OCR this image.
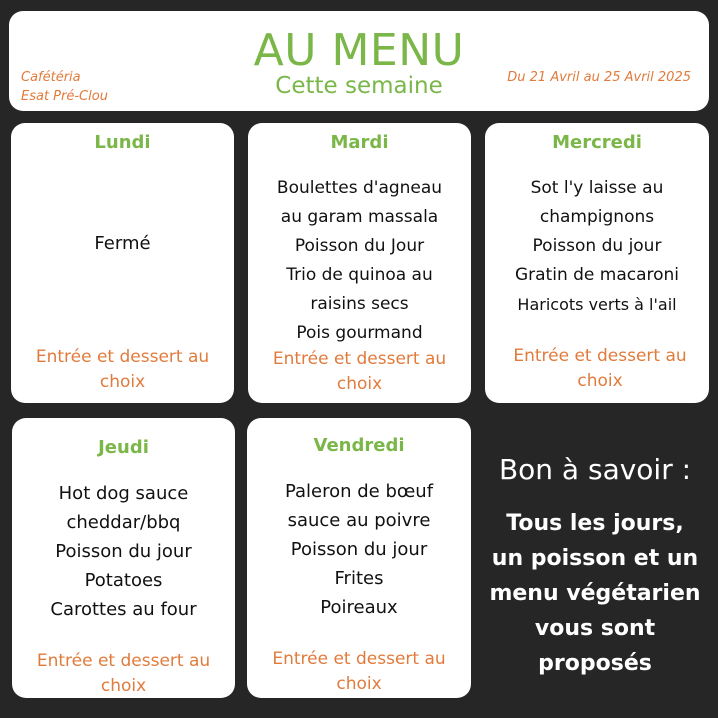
AU MENU
Cette semaine
Cafétéria
Esat Pré-Clou
Du 21 Avril au 25 Avril 2025
Lundi
Fermé
Entrée et dessert au choix
Mardi
Boulettes d'agneau
au garam massala
Poisson du Jour
Trio de quinoa au
raisins secs
Pois gourmand
Entrée et dessert au choix
Mercredi
Sot l'y laisse au
champignons
Poisson du jour
Gratin de macaroni
Haricots verts à l'ail
Entrée et dessert au choix
Jeudi
Hot dog sauce
cheddar/bbq
Poisson du jour
Potatoes
Carottes au four
Entrée et dessert au choix
Vendredi
Paleron de bœuf
sauce au poivre
Poisson du jour
Frites
Poireaux
Entrée et dessert au choix
Bon à savoir :
Tous les jours,
un poisson et un
menu végétarien
vous sont
proposés
